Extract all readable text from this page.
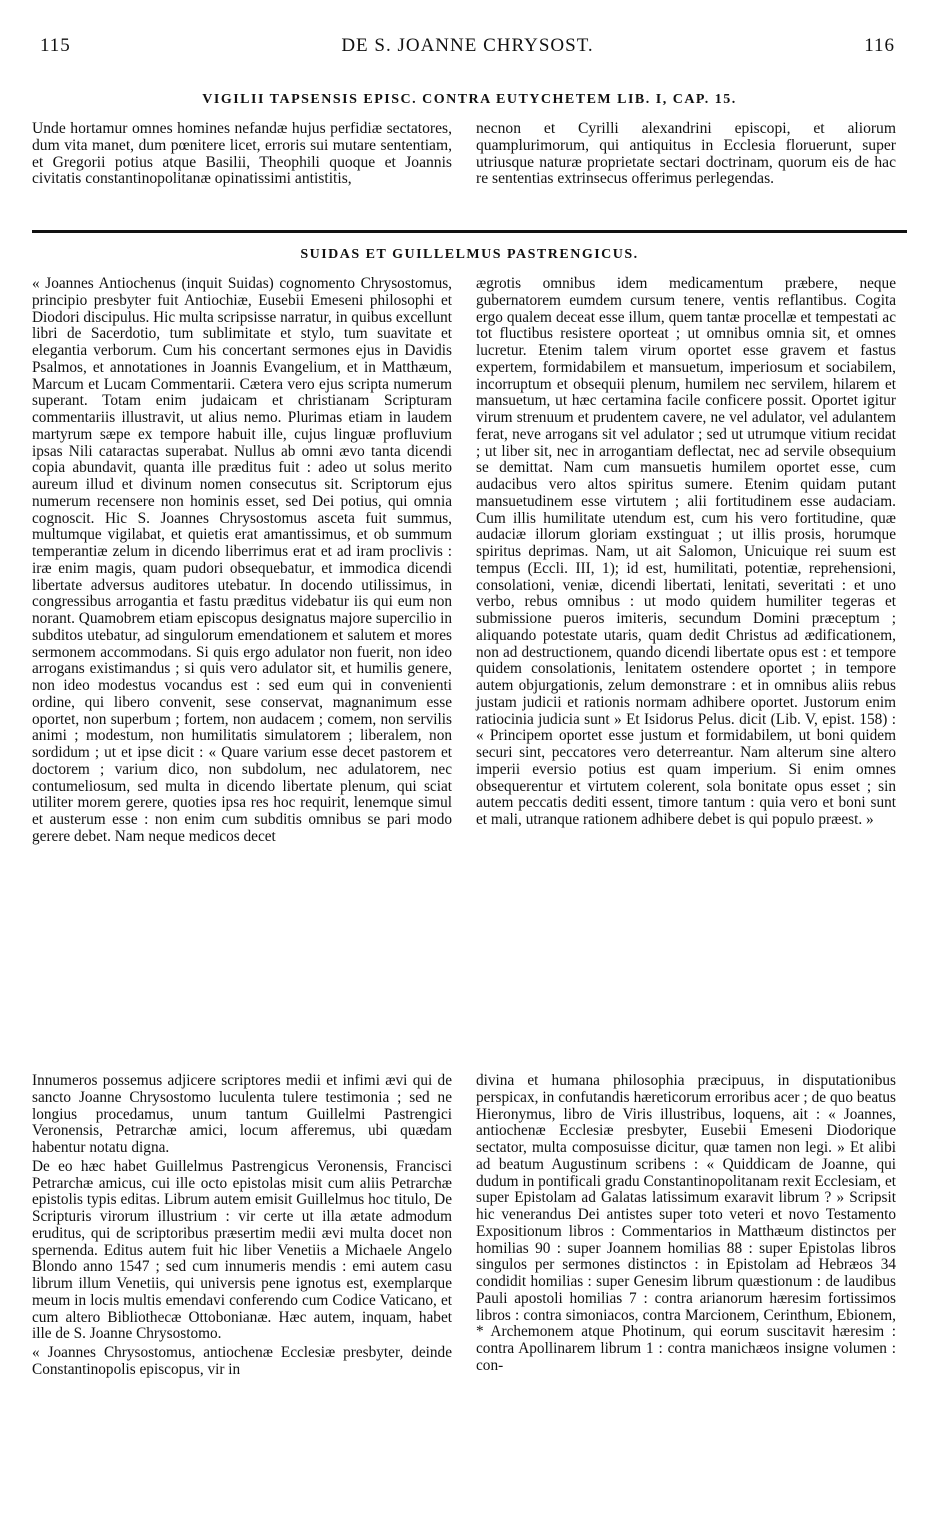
115	DE S. JOANNE CHRYSOST.	116
VIGILII TAPSENSIS EPISC. CONTRA EUTYCHETEM LIB. I, CAP. 15.

Unde hortamur omnes homines nefandæ hujus perfidiæ sectatores, dum vita manet, dum pœnitere licet, erroris sui mutare sententiam, et Gregorii potius atque Basilii, Theophili quoque et Joannis civitatis constantinopolitanæ opinatissimi antistitis,

necnon et Cyrilli alexandrini episcopi, et aliorum quamplurimorum, qui antiquitus in Ecclesia floruerunt, super utriusque naturæ proprietate sectari doctrinam, quorum eis de hac re sententias extrinsecus offerimus perlegendas.

SUIDAS ET GUILLELMUS PASTRENGICUS.

« Joannes Antiochenus (inquit Suidas) cognomento Chrysostomus, principio presbyter fuit Antiochiæ, Eusebii Emeseni philosophi et Diodori discipulus. Hic multa scripsisse narratur, in quibus excellunt libri de Sacerdotio, tum sublimitate et stylo, tum suavitate et elegantia verborum. Cum his concertant sermones ejus in Davidis Psalmos, et annotationes in Joannis Evangelium, et in Matthæum, Marcum et Lucam Commentarii. Cætera vero ejus scripta numerum superant. Totam enim judaicam et christianam Scripturam commentariis illustravit, ut alius nemo. Plurimas etiam in laudem martyrum sæpe ex tempore habuit ille, cujus linguæ profluvium ipsas Nili cataractas superabat. Nullus ab omni ævo tanta dicendi copia abundavit, quanta ille præditus fuit : adeo ut solus merito aureum illud et divinum nomen consecutus sit. Scriptorum ejus numerum recensere non hominis esset, sed Dei potius, qui omnia cognoscit. Hic S. Joannes Chrysostomus asceta fuit summus, multumque vigilabat, et quietis erat amantissimus, et ob summum temperantiæ zelum in dicendo liberrimus erat et ad iram proclivis : iræ enim magis, quam pudori obsequebatur, et immodica dicendi libertate adversus auditores utebatur. In docendo utilissimus, in congressibus arrogantia et fastu præditus videbatur iis qui eum non norant. Quamobrem etiam episcopus designatus majore supercilio in subditos utebatur, ad singulorum emendationem et salutem et mores sermonem accommodans. Si quis ergo adulator non fuerit, non ideo arrogans existimandus ; si quis vero adulator sit, et humilis genere, non ideo modestus vocandus est : sed eum qui in convenienti ordine, qui libero convenit, sese conservat, magnanimum esse oportet, non superbum ; fortem, non audacem ; comem, non servilis animi ; modestum, non humilitatis simulatorem ; liberalem, non sordidum ; ut et ipse dicit : « Quare varium esse decet pastorem et doctorem ; varium dico, non subdolum, nec adulatorem, nec contumeliosum, sed multa in dicendo libertate plenum, qui sciat utiliter morem gerere, quoties ipsa res hoc requirit, lenemque simul et austerum esse : non enim cum subditis omnibus se pari modo gerere debet. Nam neque medicos decet

ægrotis omnibus idem medicamentum præbere, neque gubernatorem eumdem cursum tenere, ventis reflantibus. Cogita ergo qualem deceat esse illum, quem tantæ procellæ et tempestati ac tot fluctibus resistere oporteat ; ut omnibus omnia sit, et omnes lucretur. Etenim talem virum oportet esse gravem et fastus expertem, formidabilem et mansuetum, imperiosum et sociabilem, incorruptum et obsequii plenum, humilem nec servilem, hilarem et mansuetum, ut hæc certamina facile conficere possit. Oportet igitur virum strenuum et prudentem cavere, ne vel adulator, vel adulantem ferat, neve arrogans sit vel adulator ; sed ut utrumque vitium recidat ; ut liber sit, nec in arrogantiam deflectat, nec ad servile obsequium se demittat. Nam cum mansuetis humilem oportet esse, cum audacibus vero altos spiritus sumere. Etenim quidam putant mansuetudinem esse virtutem ; alii fortitudinem esse audaciam. Cum illis humilitate utendum est, cum his vero fortitudine, quæ audaciæ illorum gloriam exstinguat ; ut illis prosis, horumque spiritus deprimas. Nam, ut ait Salomon, Unicuique rei suum est tempus (Eccli. III, 1); id est, humilitati, potentiæ, reprehensioni, consolationi, veniæ, dicendi libertati, lenitati, severitati : et uno verbo, rebus omnibus : ut modo quidem humiliter tegeras et submissione pueros imiteris, secundum Domini præceptum ; aliquando potestate utaris, quam dedit Christus ad ædificationem, non ad destructionem, quando dicendi libertate opus est : et tempore quidem consolationis, lenitatem ostendere oportet ; in tempore autem objurgationis, zelum demonstrare : et in omnibus aliis rebus justam judicii et rationis normam adhibere oportet. Justorum enim ratiocinia judicia sunt » Et Isidorus Pelus. dicit (Lib. V, epist. 158) : « Principem oportet esse justum et formidabilem, ut boni quidem securi sint, peccatores vero deterreantur. Nam alterum sine altero imperii eversio potius est quam imperium. Si enim omnes obsequerentur et virtutem colerent, sola bonitate opus esset ; sin autem peccatis dediti essent, timore tantum : quia vero et boni sunt et mali, utranque rationem adhibere debet is qui populo præest. »

Innumeros possemus adjicere scriptores medii et infimi ævi qui de sancto Joanne Chrysostomo luculenta tulere testimonia ; sed ne longius procedamus, unum tantum Guillelmi Pastrengici Veronensis, Petrarchæ amici, locum afferemus, ubi quædam habentur notatu digna.

De eo hæc habet Guillelmus Pastrengicus Veronensis, Francisci Petrarchæ amicus, cui ille octo epistolas misit cum aliis Petrarchæ epistolis typis editas. Librum autem emisit Guillelmus hoc titulo, De Scripturis virorum illustrium : vir certe ut illa ætate admodum eruditus, qui de scriptoribus præsertim medii ævi multa docet non spernenda. Editus autem fuit hic liber Venetiis a Michaele Angelo Blondo anno 1547 ; sed cum innumeris mendis : emi autem casu librum illum Venetiis, qui universis pene ignotus est, exemplarque meum in locis multis emendavi conferendo cum Codice Vaticano, et cum altero Bibliothecæ Ottobonianæ. Hæc autem, inquam, habet ille de S. Joanne Chrysostomo.

« Joannes Chrysostomus, antiochenæ Ecclesiæ presbyter, deinde Constantinopolis episcopus, vir in

divina et humana philosophia præcipuus, in disputationibus perspicax, in confutandis hæreticorum erroribus acer ; de quo beatus Hieronymus, libro de Viris illustribus, loquens, ait : « Joannes, antiochenæ Ecclesiæ presbyter, Eusebii Emeseni Diodorique sectator, multa composuisse dicitur, quæ tamen non legi. » Et alibi ad beatum Augustinum scribens : « Quiddicam de Joanne, qui dudum in pontificali gradu Constantinopolitanam rexit Ecclesiam, et super Epistolam ad Galatas latissimum exaravit librum ? » Scripsit hic venerandus Dei antistes super toto veteri et novo Testamento Expositionum libros : Commentarios in Matthæum distinctos per homilias 90 : super Joannem homilias 88 : super Epistolas libros singulos per sermones distinctos : in Epistolam ad Hebræos 34 condidit homilias : super Genesim librum quæstionum : de laudibus Pauli apostoli homilias 7 : contra arianorum hæresim fortissimos libros : contra simoniacos, contra Marcionem, Cerinthum, Ebionem, * Archemonem atque Photinum, qui eorum suscitavit hæresim : contra Apollinarem librum 1 : contra manichæos insigne volumen : con-
